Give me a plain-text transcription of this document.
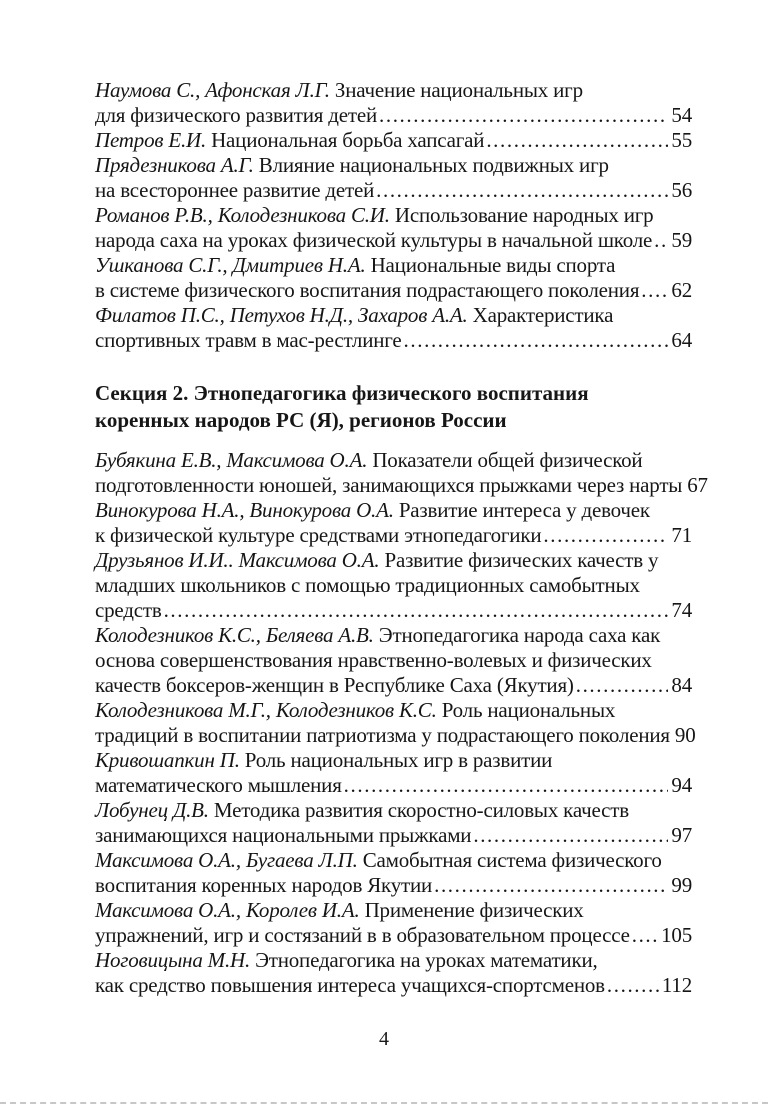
Наумова С., Афонская Л.Г. Значение национальных игр
для физического развития детей .....	54
Петров Е.И. Национальная борьба хапсагай .....	55
Прядезникова А.Г. Влияние национальных подвижных игр
на всестороннее развитие детей .....	56
Романов Р.В., Колодезникова С.И. Использование народных игр
народа саха на уроках физической культуры в начальной школе ..... 59
Ушканова С.Г., Дмитриев Н.А. Национальные виды спорта
в системе физического воспитания подрастающего поколения ..... 62
Филатов П.С., Петухов Н.Д., Захаров А.А. Характеристика
спортивных травм в мас-рестлинге .....	64
Секция 2. Этнопедагогика физического воспитания
коренных народов РС (Я), регионов России
Бубякина Е.В., Максимова О.А. Показатели общей физической
подготовленности юношей, занимающихся прыжками через нарты 67
Винокурова Н.А., Винокурова О.А. Развитие интереса у девочек
к физической культуре средствами этнопедагогики .....	71
Друзьянов И.И.. Максимова О.А. Развитие физических качеств у
младших школьников с помощью традиционных самобытных
средств .....	74
Колодезников К.С., Беляева А.В. Этнопедагогика народа саха как
основа совершенствования нравственно-волевых и физических
качеств боксеров-женщин в Республике Саха (Якутия) .....	84
Колодезникова М.Г., Колодезников К.С. Роль национальных
традиций в воспитании патриотизма у подрастающего поколения 90
Кривошапкин П. Роль национальных игр в развитии
математического мышления .....	94
Лобунец Д.В. Методика развития скоростно-силовых качеств
занимающихся национальными прыжками .....	97
Максимова О.А., Бугаева Л.П. Самобытная система физического
воспитания коренных народов Якутии .....	99
Максимова О.А., Королев И.А. Применение физических
упражнений, игр и состязаний в в образовательном процессе ..... 105
Ноговицына М.Н. Этнопедагогика на уроках математики,
как средство повышения интереса учащихся-спортсменов .....	112
4
